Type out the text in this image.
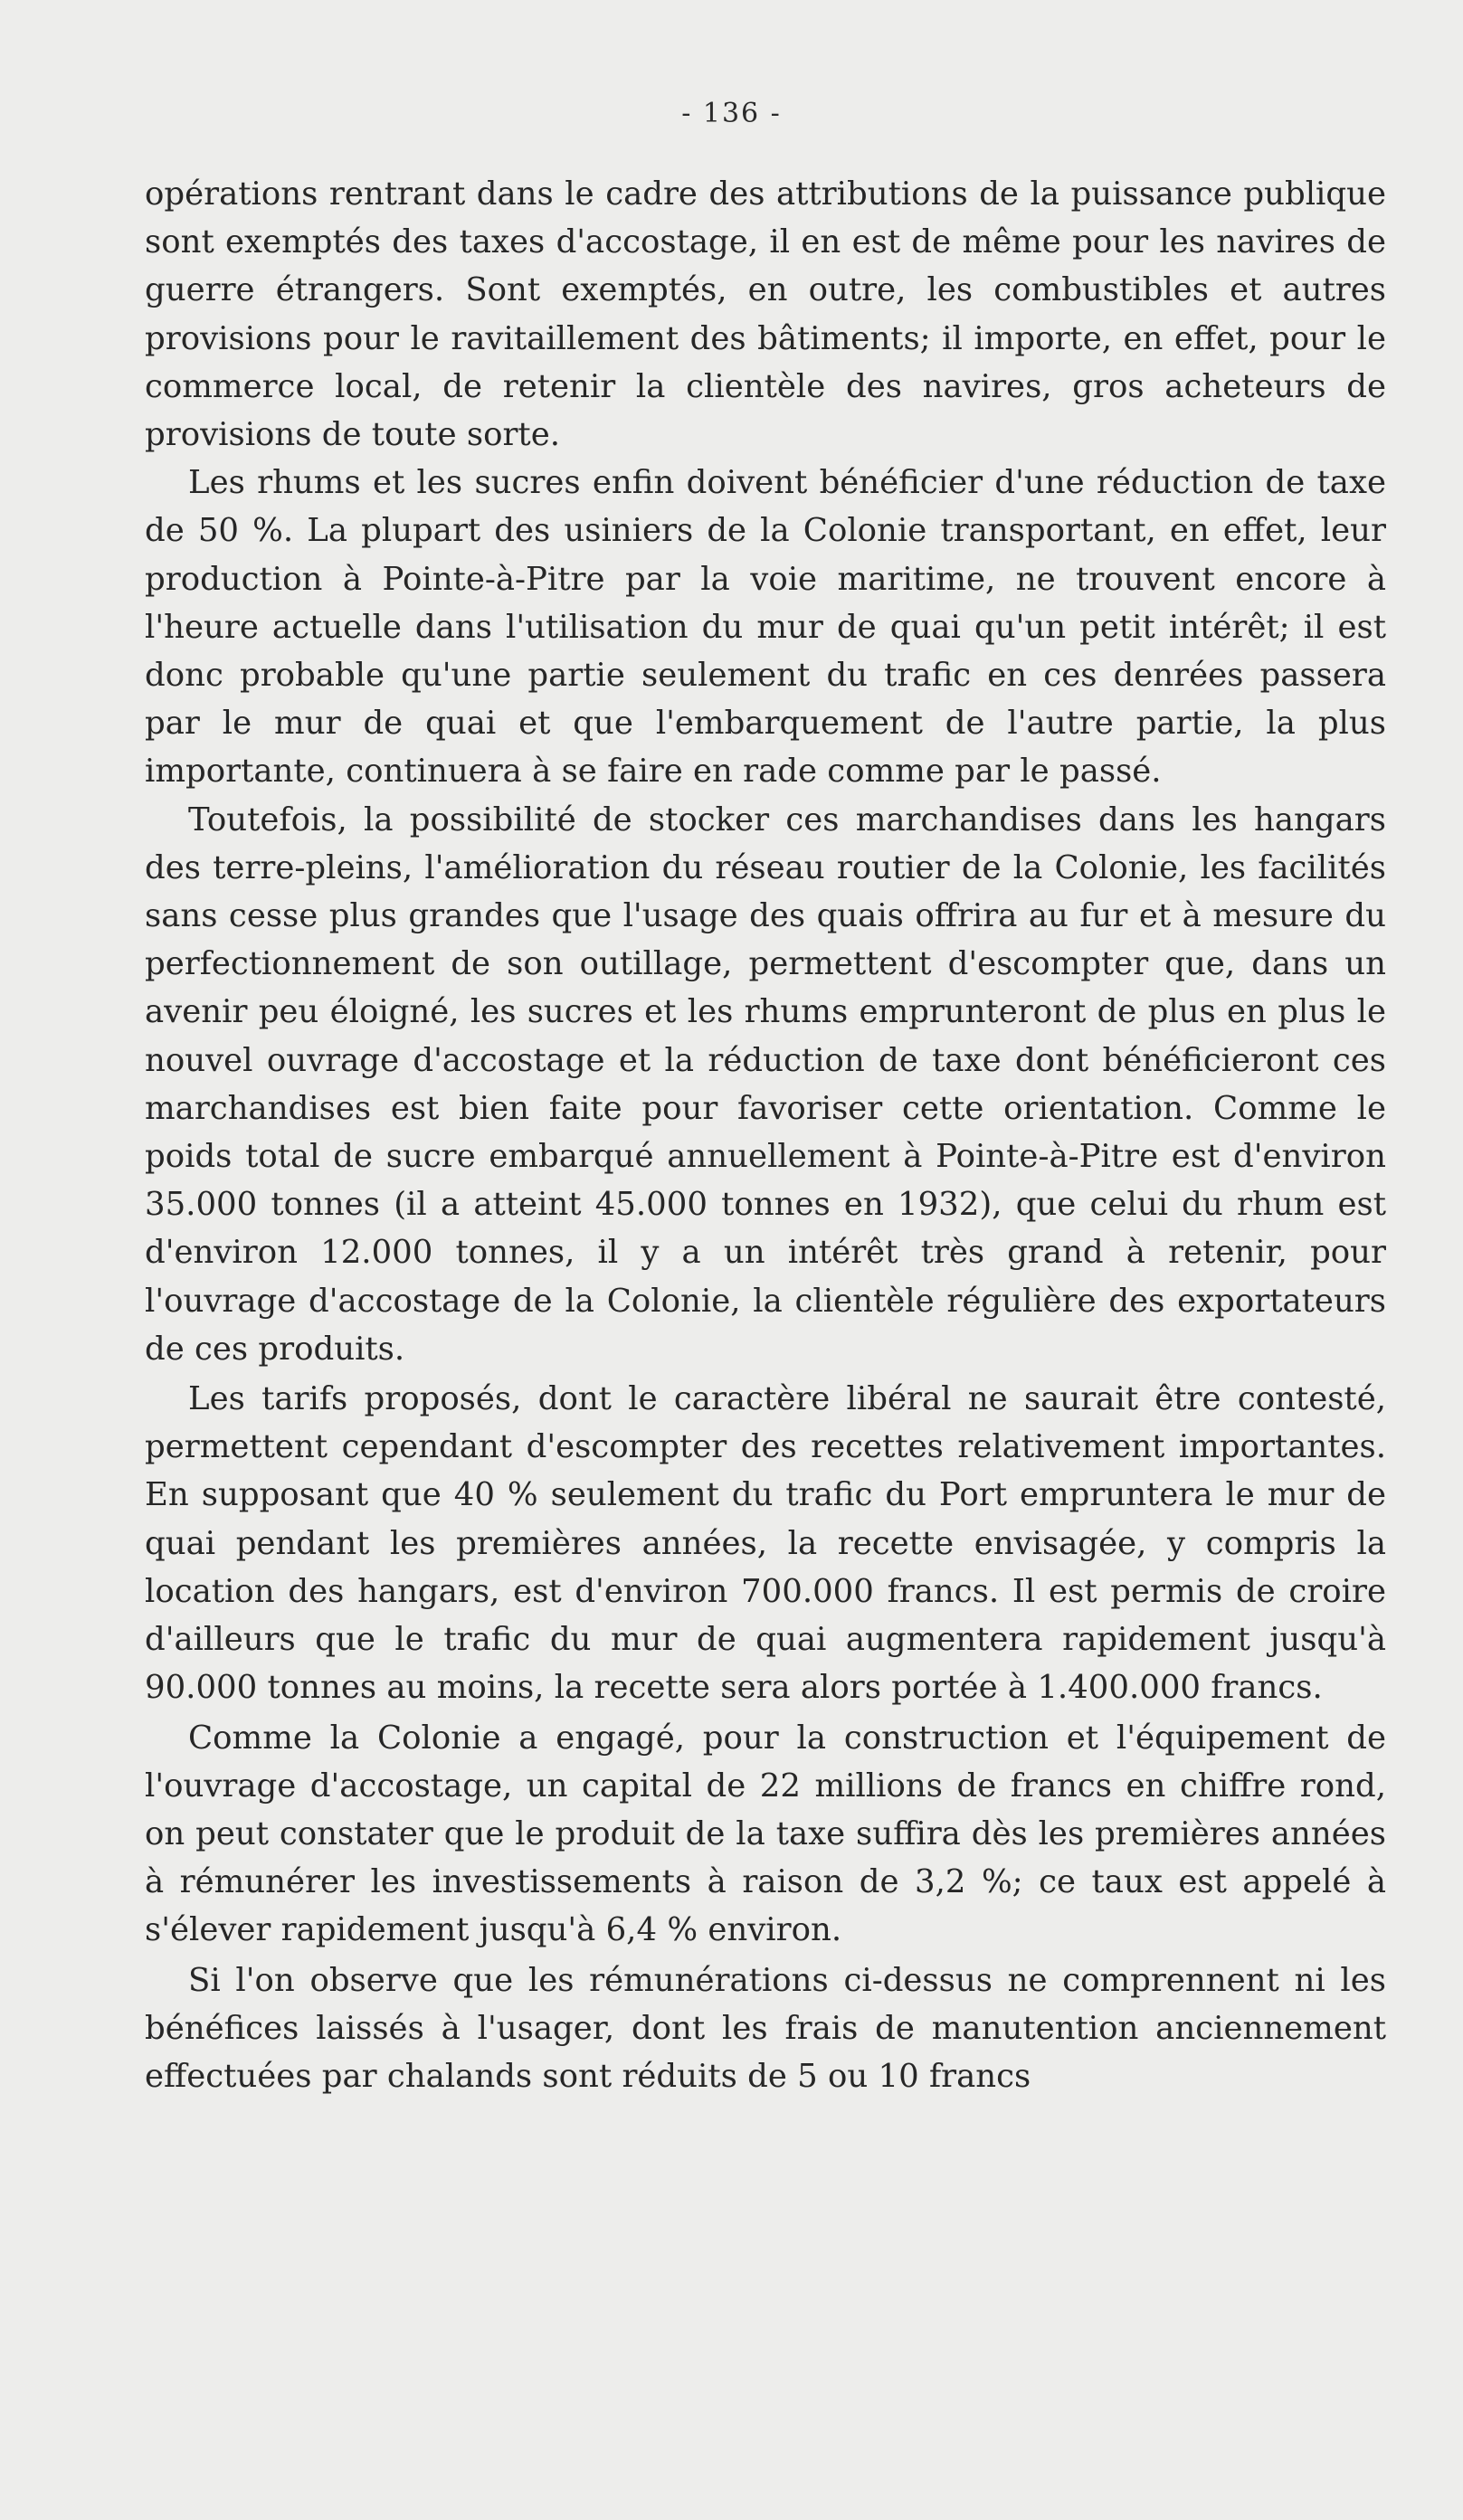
- 136 -

opérations rentrant dans le cadre des attributions de la puissance publique sont exemptés des taxes d'accostage, il en est de même pour les navires de guerre étrangers. Sont exemptés, en outre, les combustibles et autres provisions pour le ravitaillement des bâtiments; il importe, en effet, pour le commerce local, de retenir la clientèle des navires, gros acheteurs de provisions de toute sorte.

Les rhums et les sucres enfin doivent bénéficier d'une réduction de taxe de 50 %. La plupart des usiniers de la Colonie transportant, en effet, leur production à Pointe-à-Pitre par la voie maritime, ne trouvent encore à l'heure actuelle dans l'utilisation du mur de quai qu'un petit intérêt; il est donc probable qu'une partie seulement du trafic en ces denrées passera par le mur de quai et que l'embarquement de l'autre partie, la plus importante, continuera à se faire en rade comme par le passé.

Toutefois, la possibilité de stocker ces marchandises dans les hangars des terre-pleins, l'amélioration du réseau routier de la Colonie, les facilités sans cesse plus grandes que l'usage des quais offrira au fur et à mesure du perfectionnement de son outillage, permettent d'escompter que, dans un avenir peu éloigné, les sucres et les rhums emprunteront de plus en plus le nouvel ouvrage d'accostage et la réduction de taxe dont bénéficieront ces marchandises est bien faite pour favoriser cette orientation. Comme le poids total de sucre embarqué annuellement à Pointe-à-Pitre est d'environ 35.000 tonnes (il a atteint 45.000 tonnes en 1932), que celui du rhum est d'environ 12.000 tonnes, il y a un intérêt très grand à retenir, pour l'ouvrage d'accostage de la Colonie, la clientèle régulière des exportateurs de ces produits.

Les tarifs proposés, dont le caractère libéral ne saurait être contesté, permettent cependant d'escompter des recettes relativement importantes. En supposant que 40 % seulement du trafic du Port empruntera le mur de quai pendant les premières années, la recette envisagée, y compris la location des hangars, est d'environ 700.000 francs. Il est permis de croire d'ailleurs que le trafic du mur de quai augmentera rapidement jusqu'à 90.000 tonnes au moins, la recette sera alors portée à 1.400.000 francs.

Comme la Colonie a engagé, pour la construction et l'équipement de l'ouvrage d'accostage, un capital de 22 millions de francs en chiffre rond, on peut constater que le produit de la taxe suffira dès les premières années à rémunérer les investissements à raison de 3,2 %; ce taux est appelé à s'élever rapidement jusqu'à 6,4 % environ.

Si l'on observe que les rémunérations ci-dessus ne comprennent ni les bénéfices laissés à l'usager, dont les frais de manutention anciennement effectuées par chalands sont réduits de 5 ou 10 francs
